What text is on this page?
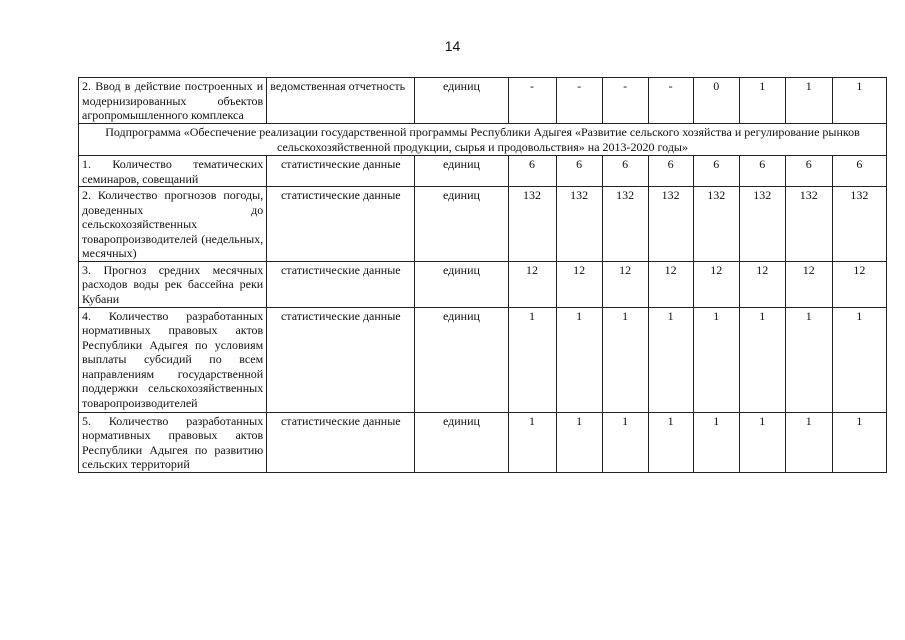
14
2. Ввод в действие построенных и модернизированных объектов агропромышленного комплекса	ведомственная отчетность	единиц	-	-	-	-	0	1	1	1
Подпрограмма «Обеспечение реализации государственной программы Республики Адыгея «Развитие сельского хозяйства и регулирование рынков сельскохозяйственной продукции, сырья и продовольствия» на 2013-2020 годы»										
1. Количество тематических семинаров, совещаний	статистические данные	единиц	6	6	6	6	6	6	6	6
2. Количество прогнозов погоды, доведенных до сельскохозяйственных товаропроизводителей (недельных, месячных)	статистические данные	единиц	132	132	132	132	132	132	132	132
3. Прогноз средних месячных расходов воды рек бассейна реки Кубани	статистические данные	единиц	12	12	12	12	12	12	12	12
4. Количество разработанных нормативных правовых актов Республики Адыгея по условиям выплаты субсидий по всем направлениям государственной поддержки сельскохозяйственных товаропроизводителей	статистические данные	единиц	1	1	1	1	1	1	1	1
5. Количество разработанных нормативных правовых актов Республики Адыгея по развитию сельских территорий	статистические данные	единиц	1	1	1	1	1	1	1	1
